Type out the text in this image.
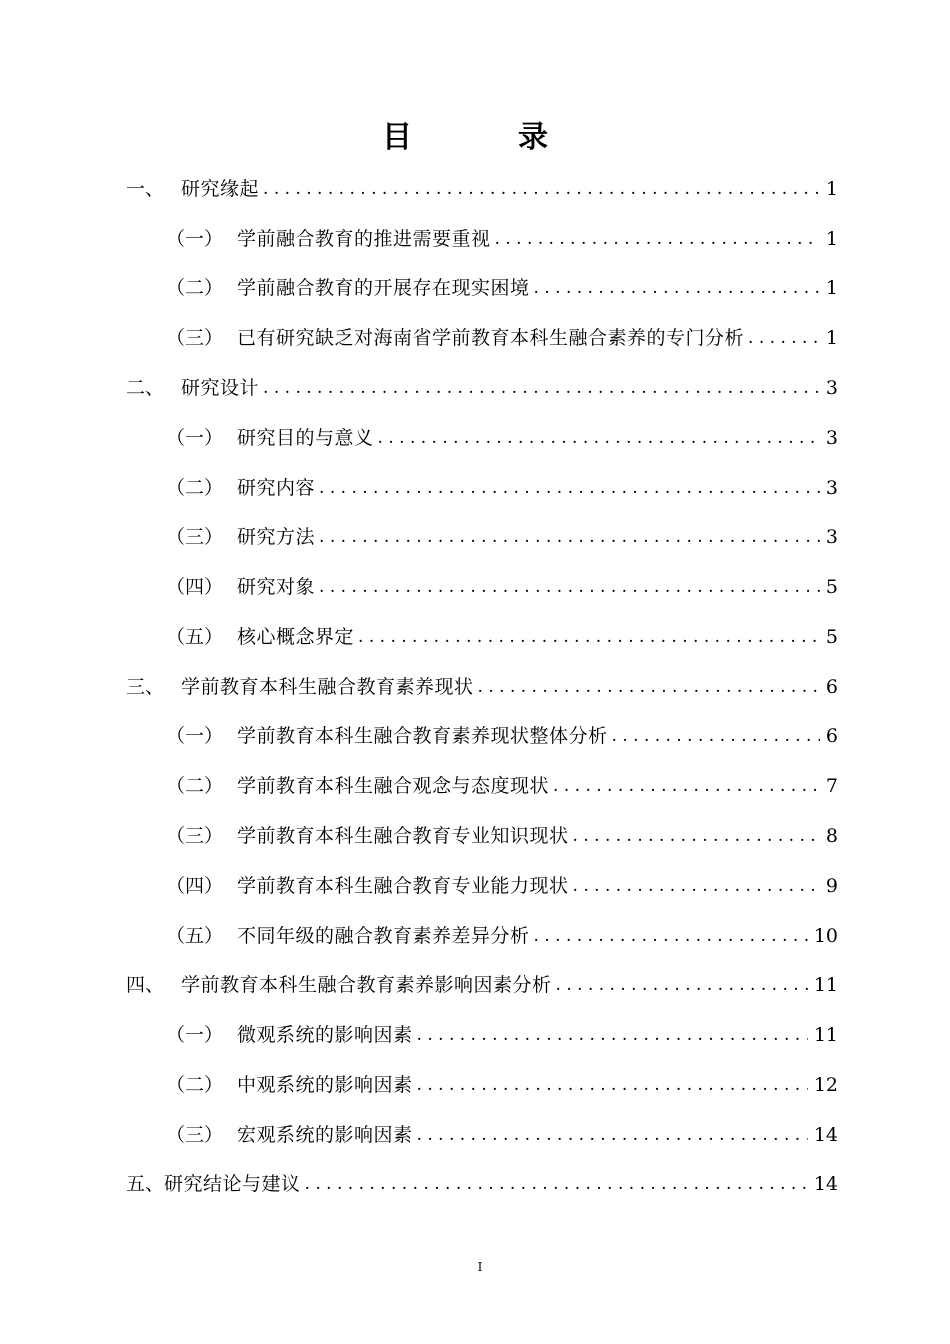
目　录
一、 研究缘起 . . .	1
（一） 学前融合教育的推进需要重视 . . .	1
（二） 学前融合教育的开展存在现实困境 . . .	1
（三） 已有研究缺乏对海南省学前教育本科生融合素养的专门分析 . . .	1
二、 研究设计 . . .	3
（一） 研究目的与意义 . . .	3
（二） 研究内容 . . .	3
（三） 研究方法 . . .	3
（四） 研究对象 . . .	5
（五） 核心概念界定 . . .	5
三、 学前教育本科生融合教育素养现状 . . .	6
（一） 学前教育本科生融合教育素养现状整体分析 . . .	6
（二） 学前教育本科生融合观念与态度现状 . . .	7
（三） 学前教育本科生融合教育专业知识现状 . . .	8
（四） 学前教育本科生融合教育专业能力现状 . . .	9
（五） 不同年级的融合教育素养差异分析 . . .	10
四、 学前教育本科生融合教育素养影响因素分析 . . .	11
（一） 微观系统的影响因素 . . .	11
（二） 中观系统的影响因素 . . .	12
（三） 宏观系统的影响因素 . . .	14
五、 研究结论与建议 . . .	14
I
